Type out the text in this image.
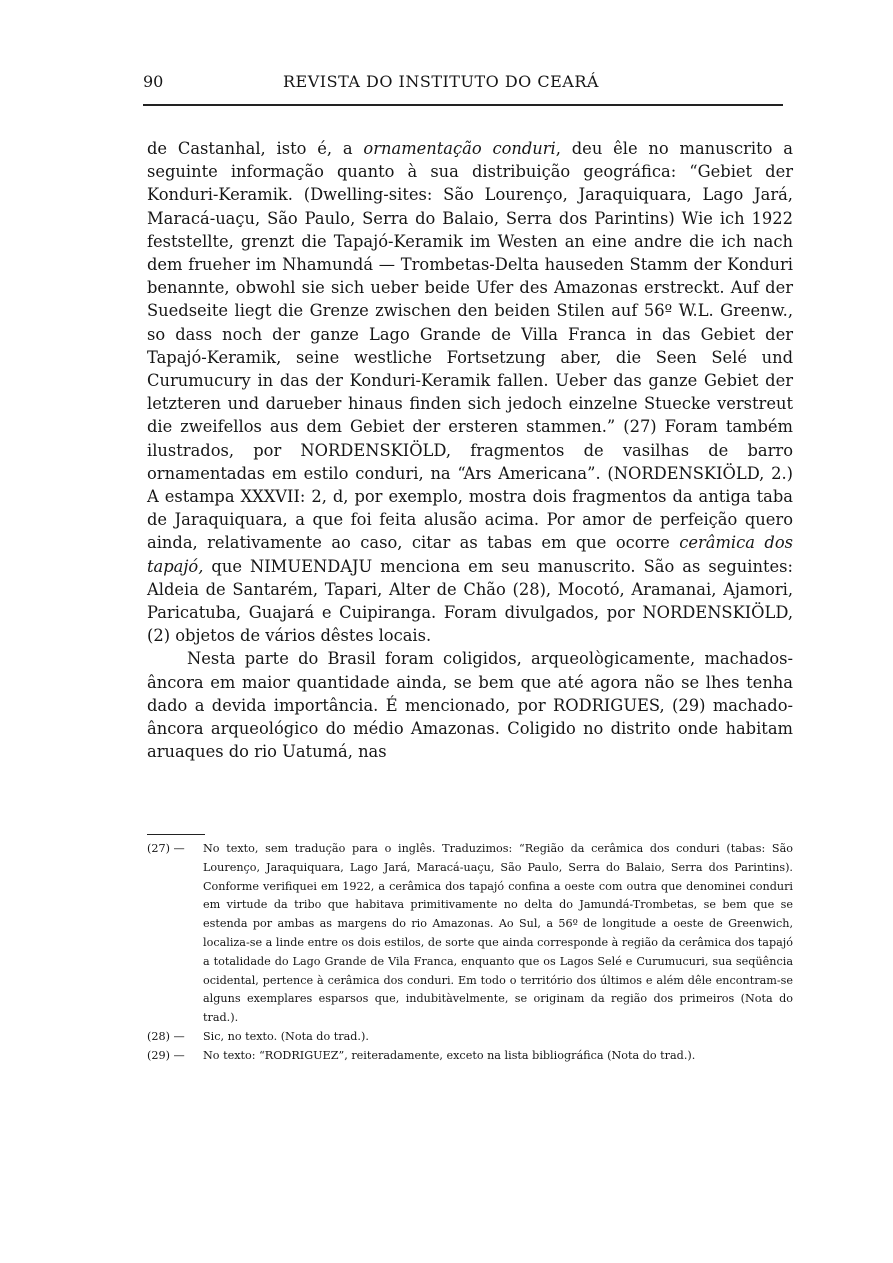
90	REVISTA DO INSTITUTO DO CEARÁ

de Castanhal, isto é, a ornamentação conduri, deu êle no manuscrito a seguinte informação quanto à sua distribuição geográfica: “Gebiet der Konduri-Keramik. (Dwelling-sites: São Lourenço, Jaraquiquara, Lago Jará, Maracá-uaçu, São Paulo, Serra do Balaio, Serra dos Parintins) Wie ich 1922 feststellte, grenzt die Tapajó-Keramik im Westen an eine andre die ich nach dem frueher im Nhamundá — Trombetas-Delta hauseden Stamm der Konduri benannte, obwohl sie sich ueber beide Ufer des Amazonas erstreckt. Auf der Suedseite liegt die Grenze zwischen den beiden Stilen auf 56º W.L. Greenw., so dass noch der ganze Lago Grande de Villa Franca in das Gebiet der Tapajó-Keramik, seine westliche Fortsetzung aber, die Seen Selé und Curumucury in das der Konduri-Keramik fallen. Ueber das ganze Gebiet der letzteren und darueber hinaus finden sich jedoch einzelne Stuecke verstreut die zweifellos aus dem Gebiet der ersteren stammen.” (27) Foram também ilustrados, por NORDENSKIÖLD, fragmentos de vasilhas de barro ornamentadas em estilo conduri, na “Ars Americana”. (NORDENSKIÖLD, 2.) A estampa XXXVII: 2, d, por exemplo, mostra dois fragmentos da antiga taba de Jaraquiquara, a que foi feita alusão acima. Por amor de perfeição quero ainda, relativamente ao caso, citar as tabas em que ocorre cerâmica dos tapajó, que NIMUENDAJU menciona em seu manuscrito. São as seguintes: Aldeia de Santarém, Tapari, Alter de Chão (28), Mocotó, Aramanai, Ajamori, Paricatuba, Guajará e Cuipiranga. Foram divulgados, por NORDENSKIÖLD, (2) objetos de vários dêstes locais.

Nesta parte do Brasil foram coligidos, arqueològicamente, machados-âncora em maior quantidade ainda, se bem que até agora não se lhes tenha dado a devida importância. É mencionado, por RODRIGUES, (29) machado-âncora arqueológico do médio Amazonas. Coligido no distrito onde habitam aruaques do rio Uatumá, nas

(27) —	No texto, sem tradução para o inglês. Traduzimos: “Região da cerâmica dos conduri (tabas: São Lourenço, Jaraquiquara, Lago Jará, Maracá-uaçu, São Paulo, Serra do Balaio, Serra dos Parintins). Conforme verifiquei em 1922, a cerâmica dos tapajó confina a oeste com outra que denominei conduri em virtude da tribo que habitava primitivamente no delta do Jamundá-Trombetas, se bem que se estenda por ambas as margens do rio Amazonas. Ao Sul, a 56º de longitude a oeste de Greenwich, localiza-se a linde entre os dois estilos, de sorte que ainda corresponde à região da cerâmica dos tapajó a totalidade do Lago Grande de Vila Franca, enquanto que os Lagos Selé e Curumucuri, sua seqüência ocidental, pertence à cerâmica dos conduri. Em todo o território dos últimos e além dêle encontram-se alguns exemplares esparsos que, indubitàvelmente, se originam da região dos primeiros (Nota do trad.).
(28) —	Sic, no texto. (Nota do trad.).
(29) —	No texto: “RODRIGUEZ”, reiteradamente, exceto na lista bibliográfica (Nota do trad.).
